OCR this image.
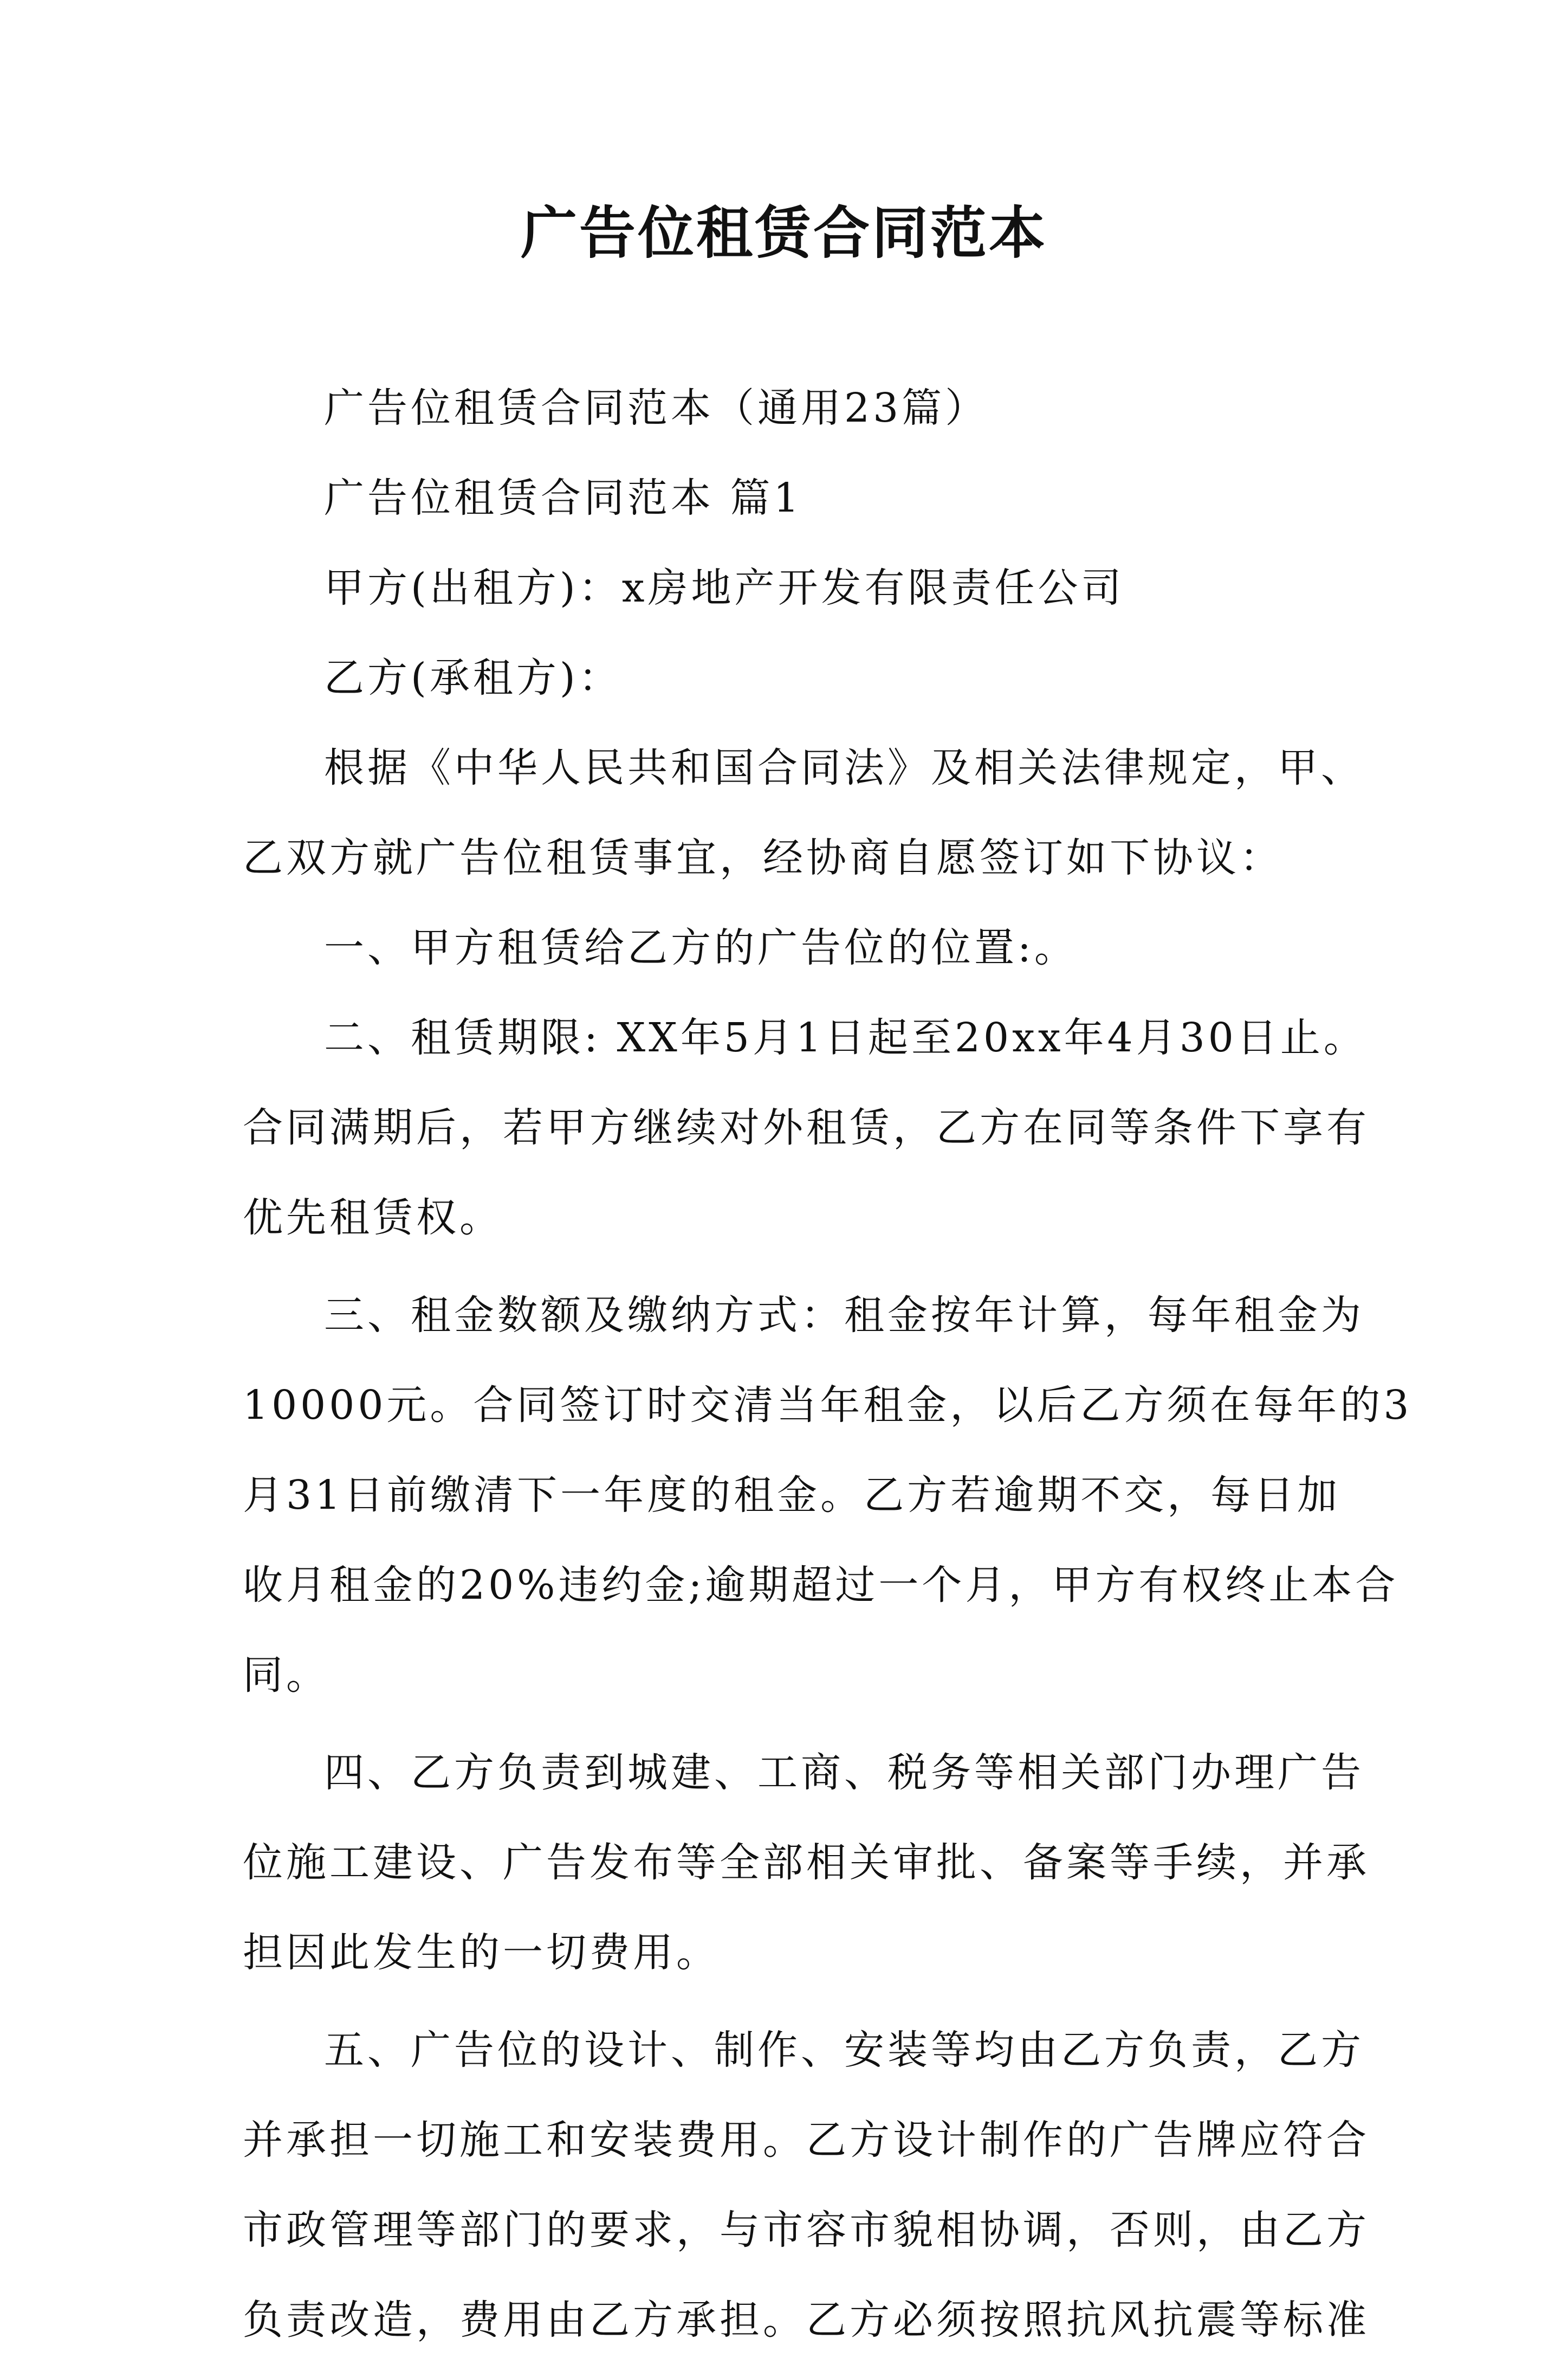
广告位租赁合同范本

广告位租赁合同范本（通用23篇）

广告位租赁合同范本 篇1

甲方(出租方)：x房地产开发有限责任公司

乙方(承租方)：

根据《中华人民共和国合同法》及相关法律规定，甲、

乙双方就广告位租赁事宜，经协商自愿签订如下协议：

一、甲方租赁给乙方的广告位的位置:。

二、租赁期限: XX年5月1日起至20xx年4月30日止。

合同满期后，若甲方继续对外租赁，乙方在同等条件下享有

优先租赁权。

三、租金数额及缴纳方式：租金按年计算，每年租金为

10000元。合同签订时交清当年租金，以后乙方须在每年的3

月31日前缴清下一年度的租金。乙方若逾期不交，每日加

收月租金的20%违约金;逾期超过一个月，甲方有权终止本合

同。

四、乙方负责到城建、工商、税务等相关部门办理广告

位施工建设、广告发布等全部相关审批、备案等手续，并承

担因此发生的一切费用。

五、广告位的设计、制作、安装等均由乙方负责，乙方

并承担一切施工和安装费用。乙方设计制作的广告牌应符合

市政管理等部门的要求，与市容市貌相协调，否则，由乙方

负责改造，费用由乙方承担。乙方必须按照抗风抗震等标准
